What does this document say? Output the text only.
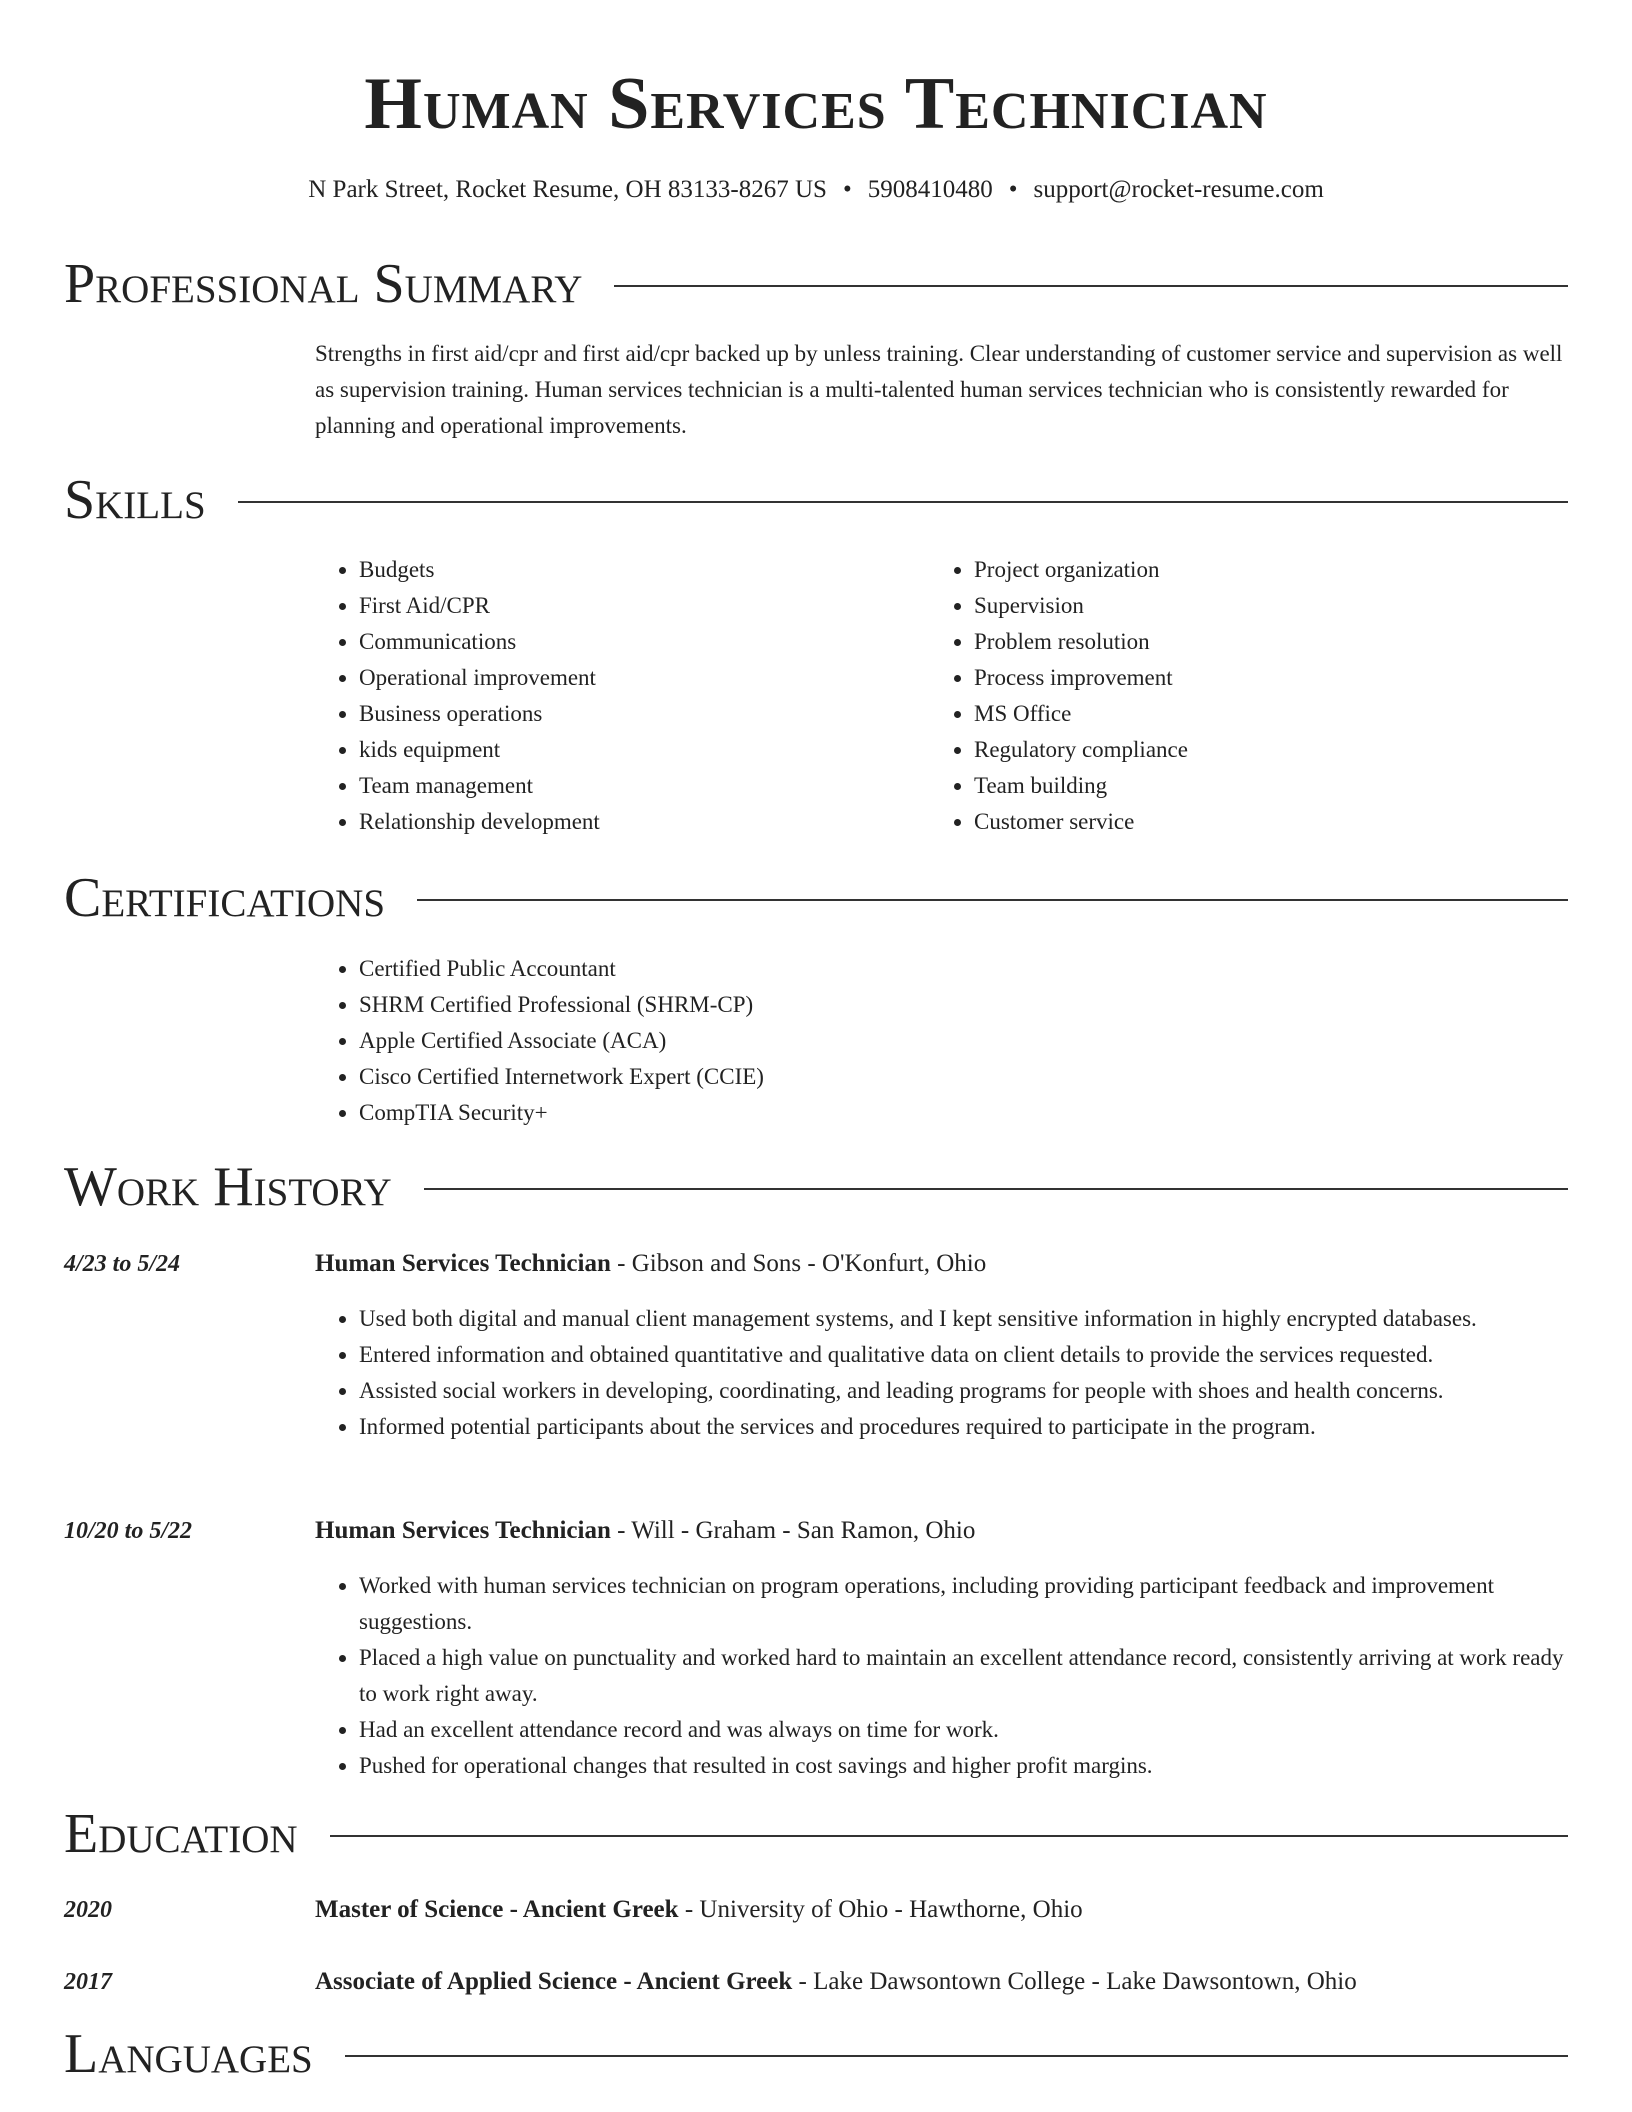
Human Services Technician
N Park Street, Rocket Resume, OH 83133-8267 US • 5908410480 • support@rocket-resume.com
Professional Summary

Strengths in first aid/cpr and first aid/cpr backed up by unless training. Clear understanding of customer service and supervision as well as supervision training. Human services technician is a multi-talented human services technician who is consistently rewarded for planning and operational improvements.

Skills
• Budgets
• First Aid/CPR
• Communications
• Operational improvement
• Business operations
• kids equipment
• Team management
• Relationship development
• Project organization
• Supervision
• Problem resolution
• Process improvement
• MS Office
• Regulatory compliance
• Team building
• Customer service
Certifications
• Certified Public Accountant
• SHRM Certified Professional (SHRM-CP)
• Apple Certified Associate (ACA)
• Cisco Certified Internetwork Expert (CCIE)
• CompTIA Security+
Work History
4/23 to 5/24	Human Services Technician - Gibson and Sons - O'Konfurt, Ohio
• Used both digital and manual client management systems, and I kept sensitive information in highly encrypted databases.
• Entered information and obtained quantitative and qualitative data on client details to provide the services requested.
• Assisted social workers in developing, coordinating, and leading programs for people with shoes and health concerns.
• Informed potential participants about the services and procedures required to participate in the program.
10/20 to 5/22	Human Services Technician - Will - Graham - San Ramon, Ohio
• Worked with human services technician on program operations, including providing participant feedback and improvement suggestions.
• Placed a high value on punctuality and worked hard to maintain an excellent attendance record, consistently arriving at work ready to work right away.
• Had an excellent attendance record and was always on time for work.
• Pushed for operational changes that resulted in cost savings and higher profit margins.
Education
2020	Master of Science - Ancient Greek - University of Ohio - Hawthorne, Ohio
2017	Associate of Applied Science - Ancient Greek - Lake Dawsontown College - Lake Dawsontown, Ohio
Languages
